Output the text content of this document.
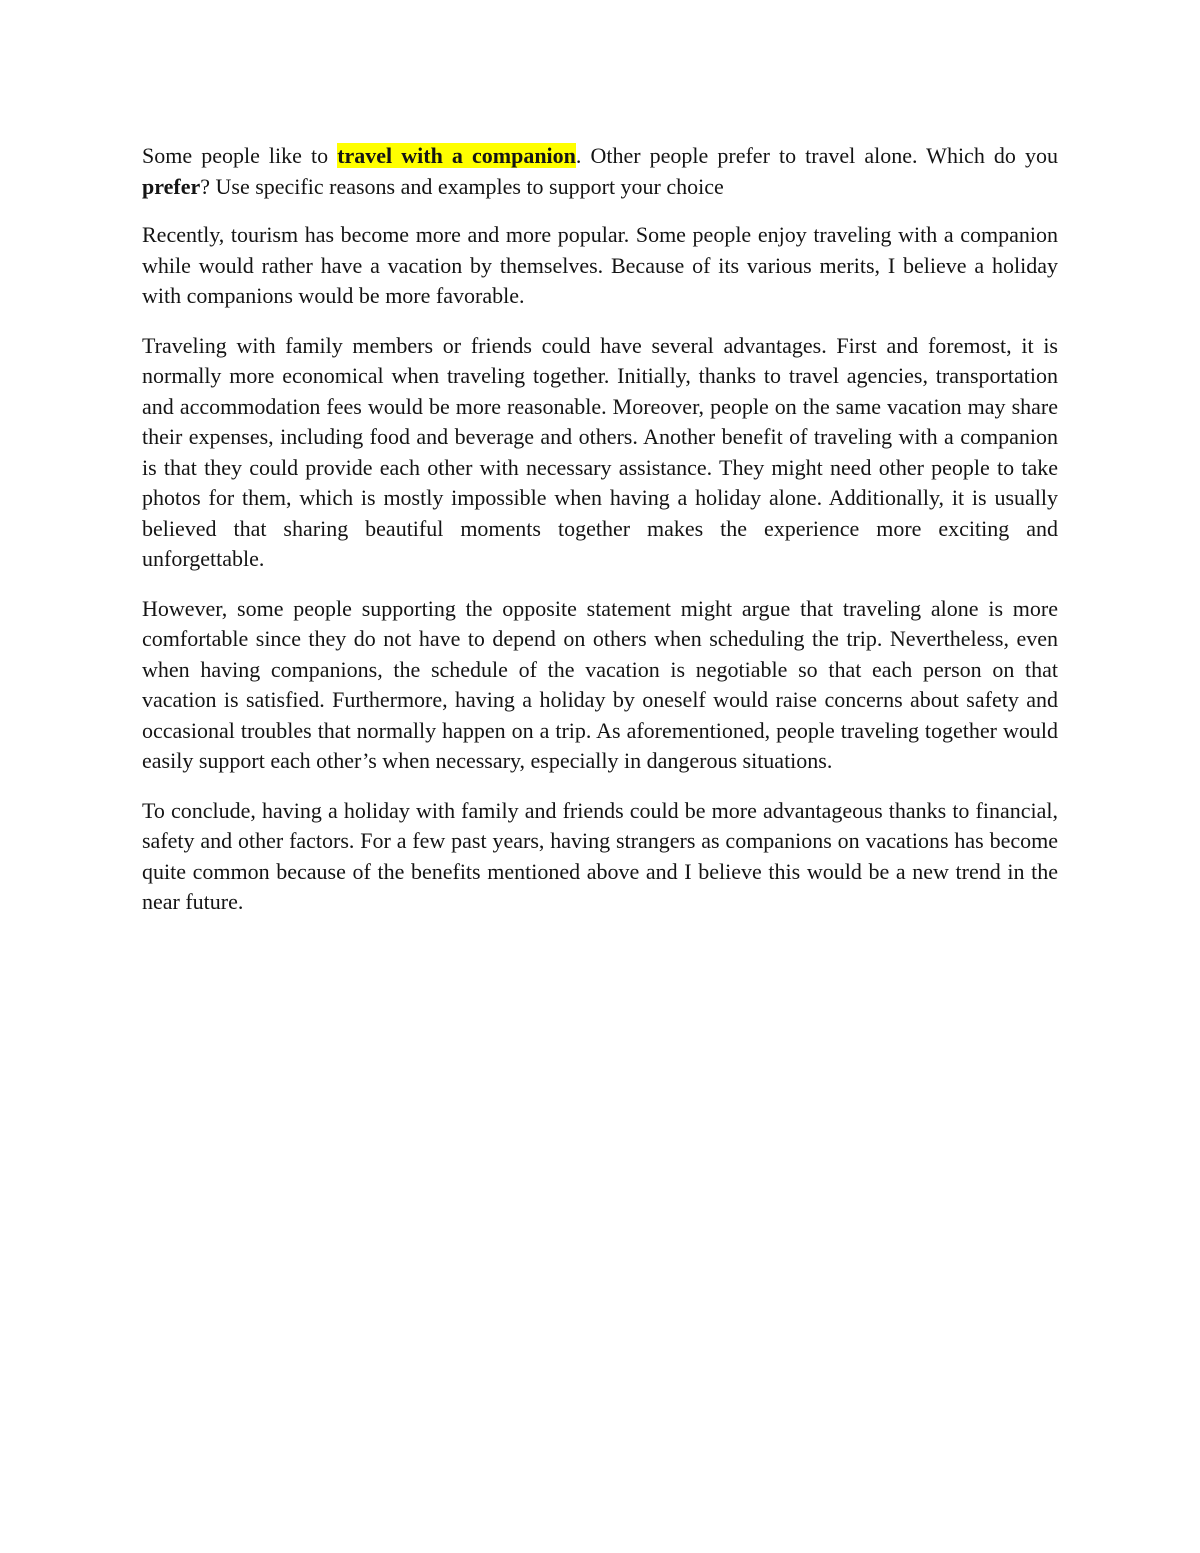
Some people like to travel with a companion. Other people prefer to travel alone. Which do you prefer? Use specific reasons and examples to support your choice

Recently, tourism has become more and more popular. Some people enjoy traveling with a companion while would rather have a vacation by themselves. Because of its various merits, I believe a holiday with companions would be more favorable.

Traveling with family members or friends could have several advantages. First and foremost, it is normally more economical when traveling together. Initially, thanks to travel agencies, transportation and accommodation fees would be more reasonable. Moreover, people on the same vacation may share their expenses, including food and beverage and others. Another benefit of traveling with a companion is that they could provide each other with necessary assistance. They might need other people to take photos for them, which is mostly impossible when having a holiday alone. Additionally, it is usually believed that sharing beautiful moments together makes the experience more exciting and unforgettable.

However, some people supporting the opposite statement might argue that traveling alone is more comfortable since they do not have to depend on others when scheduling the trip. Nevertheless, even when having companions, the schedule of the vacation is negotiable so that each person on that vacation is satisfied. Furthermore, having a holiday by oneself would raise concerns about safety and occasional troubles that normally happen on a trip. As aforementioned, people traveling together would easily support each other’s when necessary, especially in dangerous situations.

To conclude, having a holiday with family and friends could be more advantageous thanks to financial, safety and other factors. For a few past years, having strangers as companions on vacations has become quite common because of the benefits mentioned above and I believe this would be a new trend in the near future.
